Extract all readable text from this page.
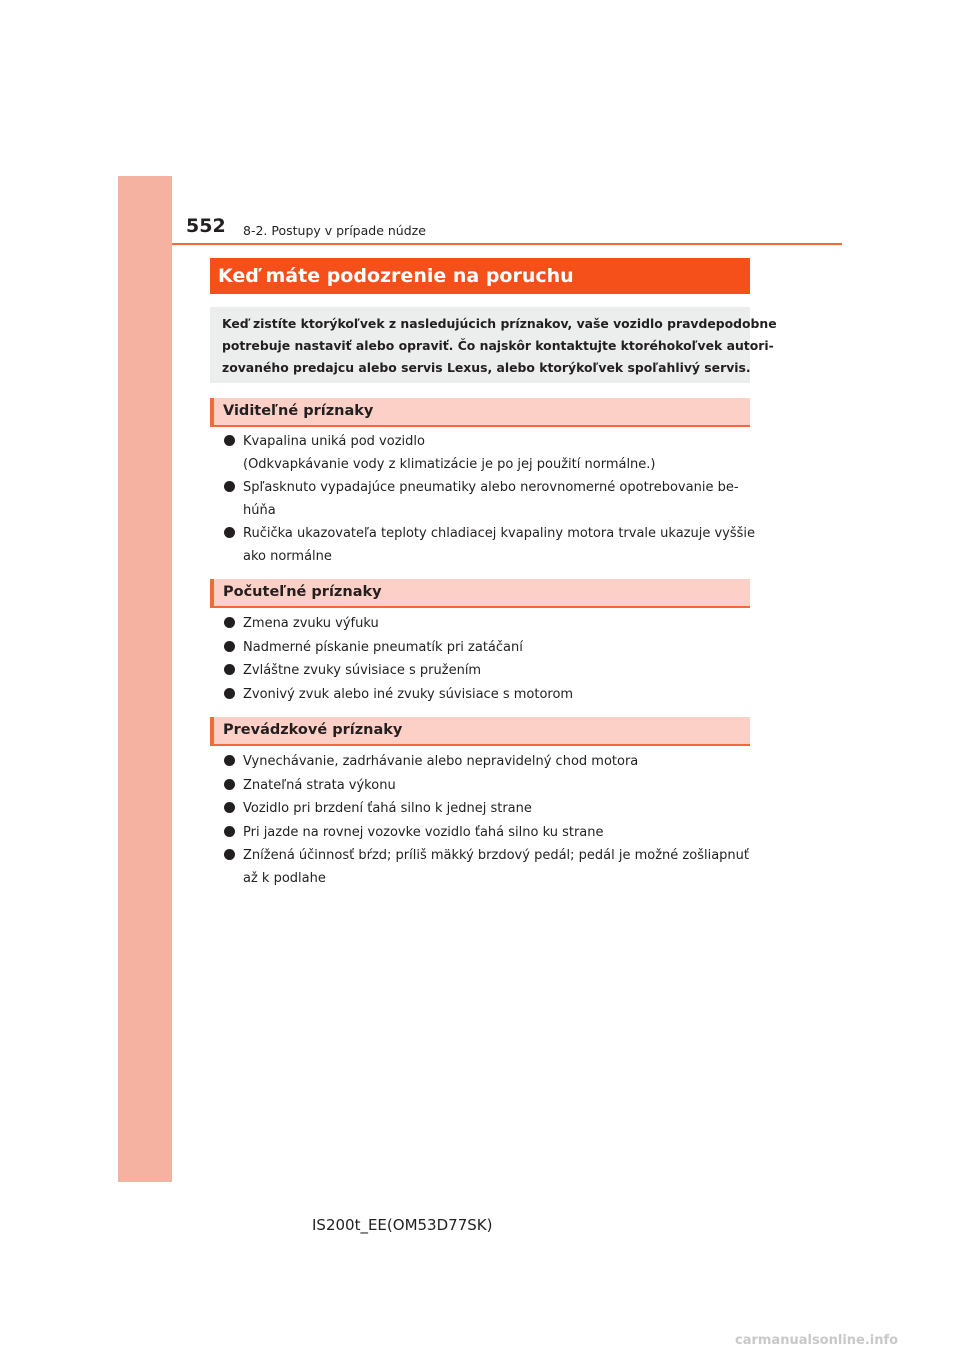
552 8-2. Postupy v prípade núdze
Keď máte podozrenie na poruchu
Keď zistíte ktorýkoľvek z nasledujúcich príznakov, vaše vozidlo pravdepodobne
potrebuje nastaviť alebo opraviť. Čo najskôr kontaktujte ktoréhokoľvek autori-
zovaného predajcu alebo servis Lexus, alebo ktorýkoľvek spoľahlivý servis.
Viditeľné príznaky
Kvapalina uniká pod vozidlo
(Odkvapkávanie vody z klimatizácie je po jej použití normálne.)
Spľasknuto vypadajúce pneumatiky alebo nerovnomerné opotrebovanie be-
húňa
Ručička ukazovateľa teploty chladiacej kvapaliny motora trvale ukazuje vyššie
ako normálne
Počuteľné príznaky
Zmena zvuku výfuku
Nadmerné pískanie pneumatík pri zatáčaní
Zvláštne zvuky súvisiace s pružením
Zvonivý zvuk alebo iné zvuky súvisiace s motorom
Prevádzkové príznaky
Vynechávanie, zadrhávanie alebo nepravidelný chod motora
Znateľná strata výkonu
Vozidlo pri brzdení ťahá silno k jednej strane
Pri jazde na rovnej vozovke vozidlo ťahá silno ku strane
Znížená účinnosť bŕzd; príliš mäkký brzdový pedál; pedál je možné zošliapnuť
až k podlahe
IS200t_EE(OM53D77SK)
carmanualsonline.info
